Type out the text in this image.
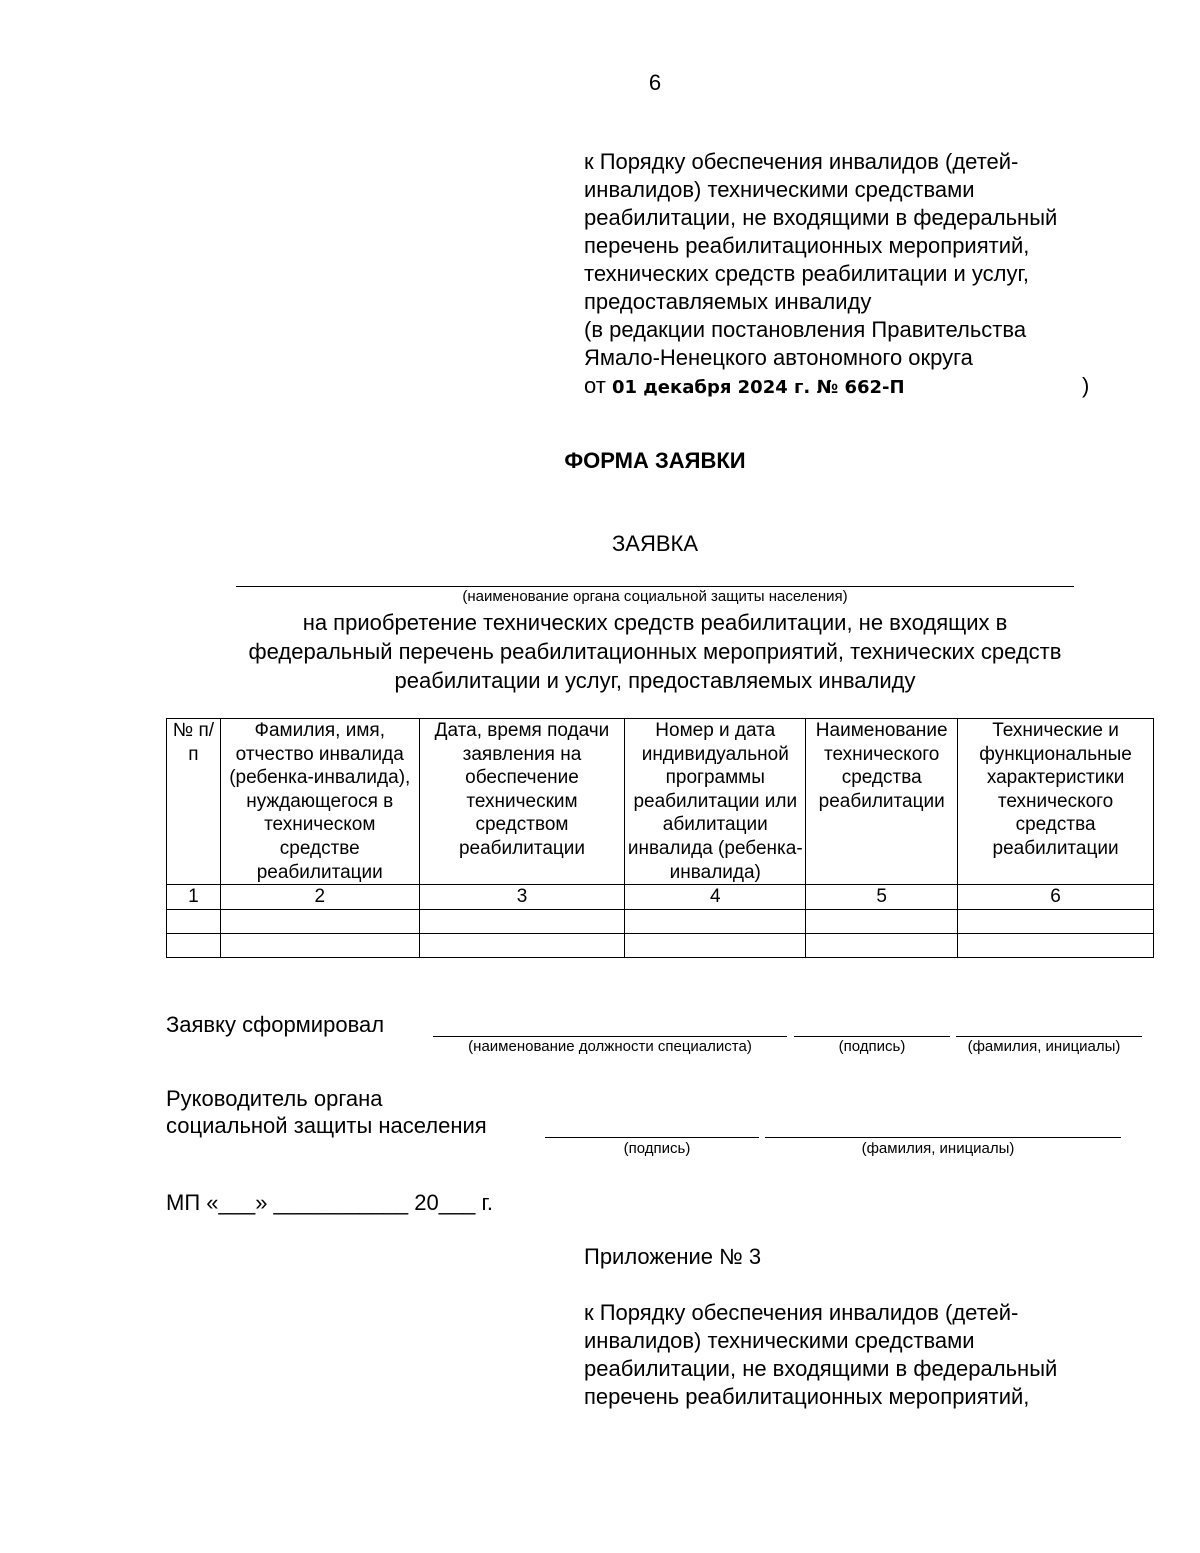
6
к Порядку обеспечения инвалидов (детей-
инвалидов) техническими средствами
реабилитации, не входящими в федеральный
перечень реабилитационных мероприятий,
технических средств реабилитации и услуг,
предоставляемых инвалиду
(в редакции постановления Правительства
Ямало-Ненецкого автономного округа
от 01 декабря 2024 г. № 662-П	)
ФОРМА ЗАЯВКИ
ЗАЯВКА
(наименование органа социальной защиты населения)
на приобретение технических средств реабилитации, не входящих в
федеральный перечень реабилитационных мероприятий, технических средств
реабилитации и услуг, предоставляемых инвалиду
№ п/п	Фамилия, имя, отчество инвалида (ребенка-инвалида), нуждающегося в техническом средстве реабилитации	Дата, время подачи заявления на обеспечение техническим средством реабилитации	Номер и дата индивидуальной программы реабилитации или абилитации инвалида (ребенка-инвалида)	Наименование технического средства реабилитации	Технические и функциональные характеристики технического средства реабилитации
1	2	3	4	5	6

Заявку сформировал
(наименование должности специалиста)	(подпись)	(фамилия, инициалы)
Руководитель органа
социальной защиты населения
(подпись)	(фамилия, инициалы)
МП «___» ___________ 20___ г.
Приложение № 3
к Порядку обеспечения инвалидов (детей-
инвалидов) техническими средствами
реабилитации, не входящими в федеральный
перечень реабилитационных мероприятий,
